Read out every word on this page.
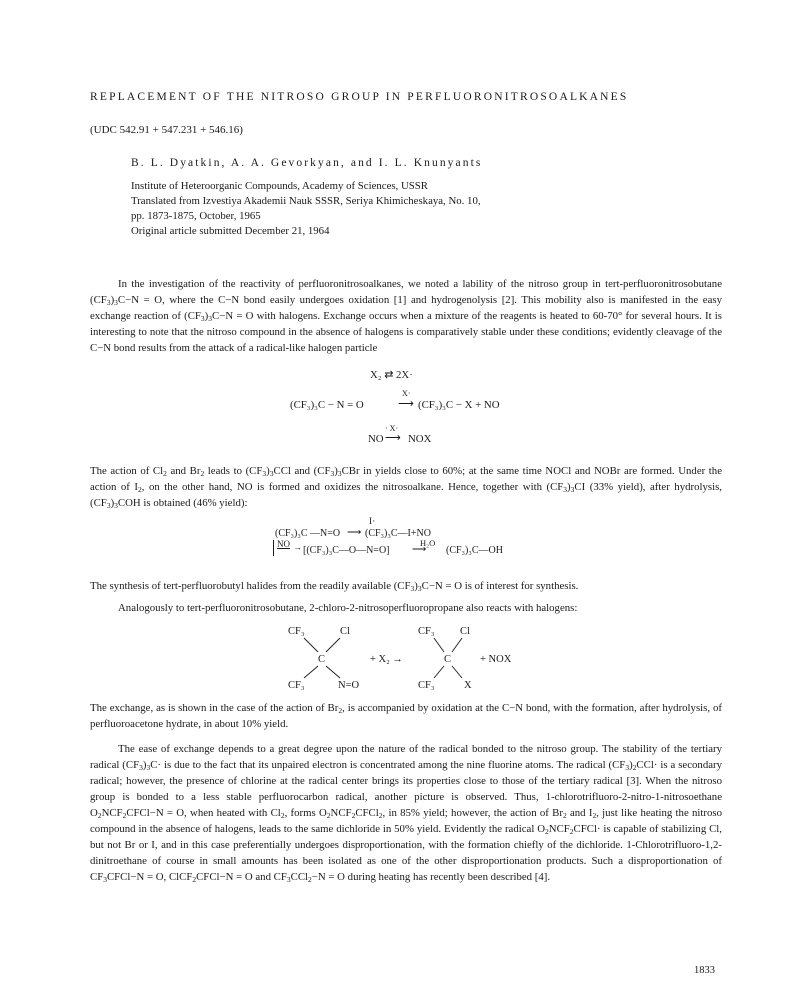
REPLACEMENT OF THE NITROSO GROUP IN PERFLUORONITROSOALKANES
(UDC 542.91 + 547.231 + 546.16)
B. L. Dyatkin, A. A. Gevorkyan, and I. L. Knunyants
Institute of Heteroorganic Compounds, Academy of Sciences, USSR
Translated from Izvestiya Akademii Nauk SSSR, Seriya Khimicheskaya, No. 10,
pp. 1873-1875, October, 1965
Original article submitted December 21, 1964

In the investigation of the reactivity of perfluoronitrosoalkanes, we noted a lability of the nitroso group in tert-perfluoronitrosobutane $(CF_3)_3C-N = O$, where the C−N bond easily undergoes oxidation [1] and hydrogenolysis [2]. This mobility also is manifested in the easy exchange reaction of $(CF_3)_3C-N = O$ with halogens. Exchange occurs when a mixture of the reagents is heated to 60-70° for several hours. It is interesting to note that the nitroso compound in the absence of halogens is comparatively stable under these conditions; evidently cleavage of the C−N bond results from the attack of a radical-like halogen particle

X₂ ⇄ 2X·
(CF₃)₃C − N = O
X·
⟶ (CF₃)₃C − X + NO
NO
· X·
⟶ NOX

The action of $Cl_2$ and $Br_2$ leads to $(CF_3)_3CCl$ and $(CF_3)_3CBr$ in yields close to 60%; at the same time NOCl and NOBr are formed. Under the action of $I_2$, on the other hand, NO is formed and oxidizes the nitrosoalkane. Hence, together with $(CF_3)_3CI$ (33% yield), after hydrolysis, $(CF_3)_3COH$ is obtained (46% yield):

I·
(CF₃)₃C —N=O ⟶ (CF₃)₃C—I+NO
H₂O
NO → [(CF₃)₃C—O—N=O] ⟶ (CF₃)₃C—OH

The synthesis of tert-perfluorobutyl halides from the readily available $(CF_3)_3C-N = O$ is of interest for synthesis.

Analogously to tert-perfluoronitrosobutane, 2-chloro-2-nitrosoperfluoropropane also reacts with halogens:

CF₃	Cl
C
CF₃	N=O
+ X₂ →
CF₃ Cl
C
CF₃	X
+ NOX

The exchange, as is shown in the case of the action of $Br_2$, is accompanied by oxidation at the C−N bond, with the formation, after hydrolysis, of perfluoroacetone hydrate, in about 10% yield.

The ease of exchange depends to a great degree upon the nature of the radical bonded to the nitroso group. The stability of the tertiary radical $(CF_3)_3C\cdot$ is due to the fact that its unpaired electron is concentrated among the nine fluorine atoms. The radical $(CF_3)_2CCl\cdot$ is a secondary radical; however, the presence of chlorine at the radical center brings its properties close to those of the tertiary radical [3]. When the nitroso group is bonded to a less stable perfluorocarbon radical, another picture is observed. Thus, 1-chlorotrifluoro-2-nitro-1-nitrosoethane $O_2NCF_2CFCl-N = O$, when heated with $Cl_2$, forms $O_2NCF_2CFCl_2$, in 85% yield; however, the action of $Br_2$ and $I_2$, just like heating the nitroso compound in the absence of halogens, leads to the same dichloride in 50% yield. Evidently the radical $O_2NCF_2CFCl\cdot$ is capable of stabilizing Cl, but not Br or I, and in this case preferentially undergoes disproportionation, with the formation chiefly of the dichloride. 1-Chlorotrifluoro-1,2-dinitroethane of course in small amounts has been isolated as one of the other disproportionation products. Such a disproportionation of $CF_3CFCl-N = O$, ClCF$_2$CFCl−N = O and $CF_3CCl_2-N = O$ during heating has recently been described [4].

1833
